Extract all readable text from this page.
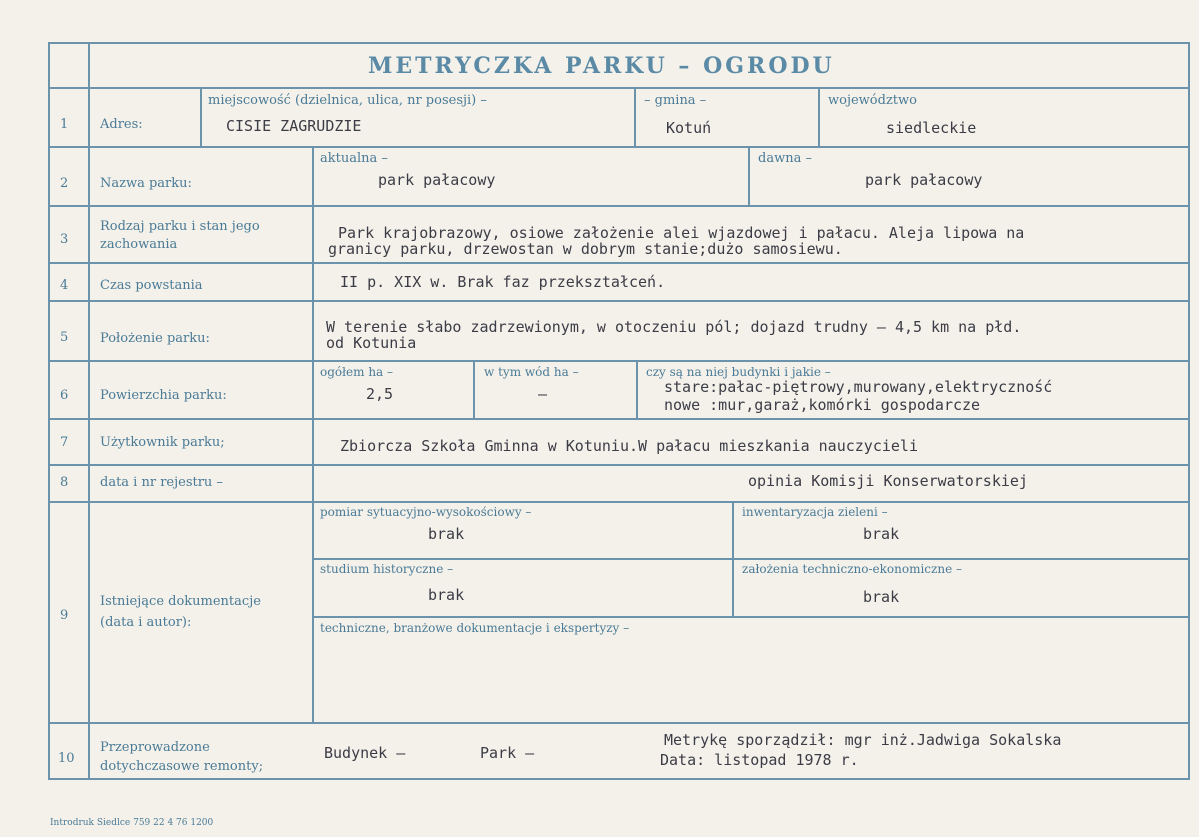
METRYCZKA PARKU – OGRODU
1 Adres:
miejscowość (dzielnica, ulica, nr posesji) –	– gmina –	województwo
CISIE ZAGRUDZIE	Kotuń	siedleckie
2 Nazwa parku:
aktualna –	dawna –
park pałacowy	park pałacowy
3
Rodzaj parku i stan jego
zachowania
Park krajobrazowy, osiowe założenie alei wjazdowej i pałacu. Aleja lipowa na
granicy parku, drzewostan w dobrym stanie;dużo samosiewu.
4 Czas powstania	II p. XIX w. Brak faz przekształceń.
5 Położenie parku:
W terenie słabo zadrzewionym, w otoczeniu pól; dojazd trudny – 4,5 km na płd.
od Kotunia
6 Powierzchia parku:
ogółem ha –	w tym wód ha –	czy są na niej budynki i jakie –
2,5	–	stare:pałac-piętrowy,murowany,elektryczność
nowe :mur,garaż,komórki gospodarcze
7 Użytkownik parku;	Zbiorcza Szkoła Gminna w Kotuniu.W pałacu mieszkania nauczycieli
8 data i nr rejestru –	opinia Komisji Konserwatorskiej
9
Istniejące dokumentacje
(data i autor):
pomiar sytuacyjno-wysokościowy –	inwentaryzacja zieleni –
brak	brak
studium historyczne –	założenia techniczno-ekonomiczne –
brak	brak
techniczne, branżowe dokumentacje i ekspertyzy –
10
Przeprowadzone
dotychczasowe remonty;
Budynek –	Park –
Metrykę sporządził: mgr inż.Jadwiga Sokalska
Data: listopad 1978 r.
Introdruk Siedlce 759 22 4 76 1200
